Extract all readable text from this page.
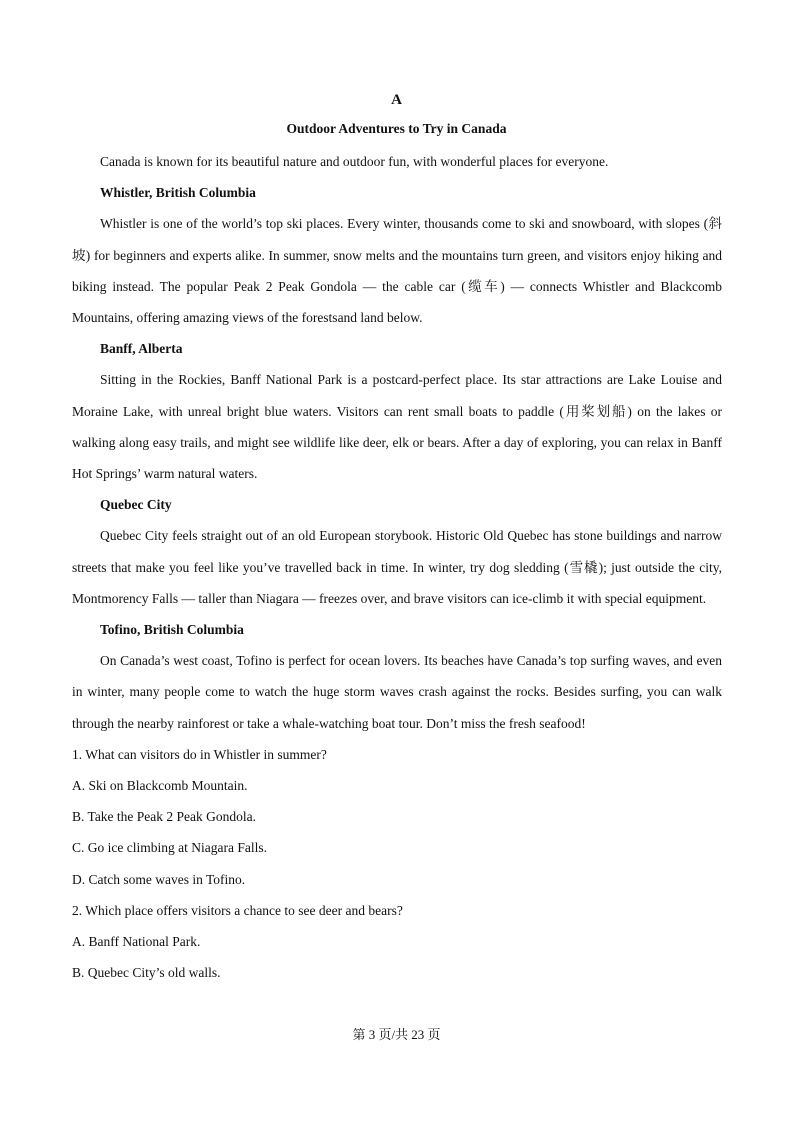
A
Outdoor Adventures to Try in Canada

Canada is known for its beautiful nature and outdoor fun, with wonderful places for everyone.

Whistler, British Columbia

Whistler is one of the world’s top ski places. Every winter, thousands come to ski and snowboard, with slopes (斜坡) for beginners and experts alike. In summer, snow melts and the mountains turn green, and visitors enjoy hiking and biking instead. The popular Peak 2 Peak Gondola — the cable car (缆车) — connects Whistler and Blackcomb Mountains, offering amazing views of the forestsand land below.

Banff, Alberta

Sitting in the Rockies, Banff National Park is a postcard-perfect place. Its star attractions are Lake Louise and Moraine Lake, with unreal bright blue waters. Visitors can rent small boats to paddle (用桨划船) on the lakes or walking along easy trails, and might see wildlife like deer, elk or bears. After a day of exploring, you can relax in Banff Hot Springs’ warm natural waters.

Quebec City

Quebec City feels straight out of an old European storybook. Historic Old Quebec has stone buildings and narrow streets that make you feel like you’ve travelled back in time. In winter, try dog sledding (雪橇); just outside the city, Montmorency Falls — taller than Niagara — freezes over, and brave visitors can ice-climb it with special equipment.

Tofino, British Columbia

On Canada’s west coast, Tofino is perfect for ocean lovers. Its beaches have Canada’s top surfing waves, and even in winter, many people come to watch the huge storm waves crash against the rocks. Besides surfing, you can walk through the nearby rainforest or take a whale-watching boat tour. Don’t miss the fresh seafood!

1. What can visitors do in Whistler in summer?

A. Ski on Blackcomb Mountain.

B. Take the Peak 2 Peak Gondola.

C. Go ice climbing at Niagara Falls.

D. Catch some waves in Tofino.

2. Which place offers visitors a chance to see deer and bears?

A. Banff National Park.

B. Quebec City’s old walls.

第 3 页/共 23 页
